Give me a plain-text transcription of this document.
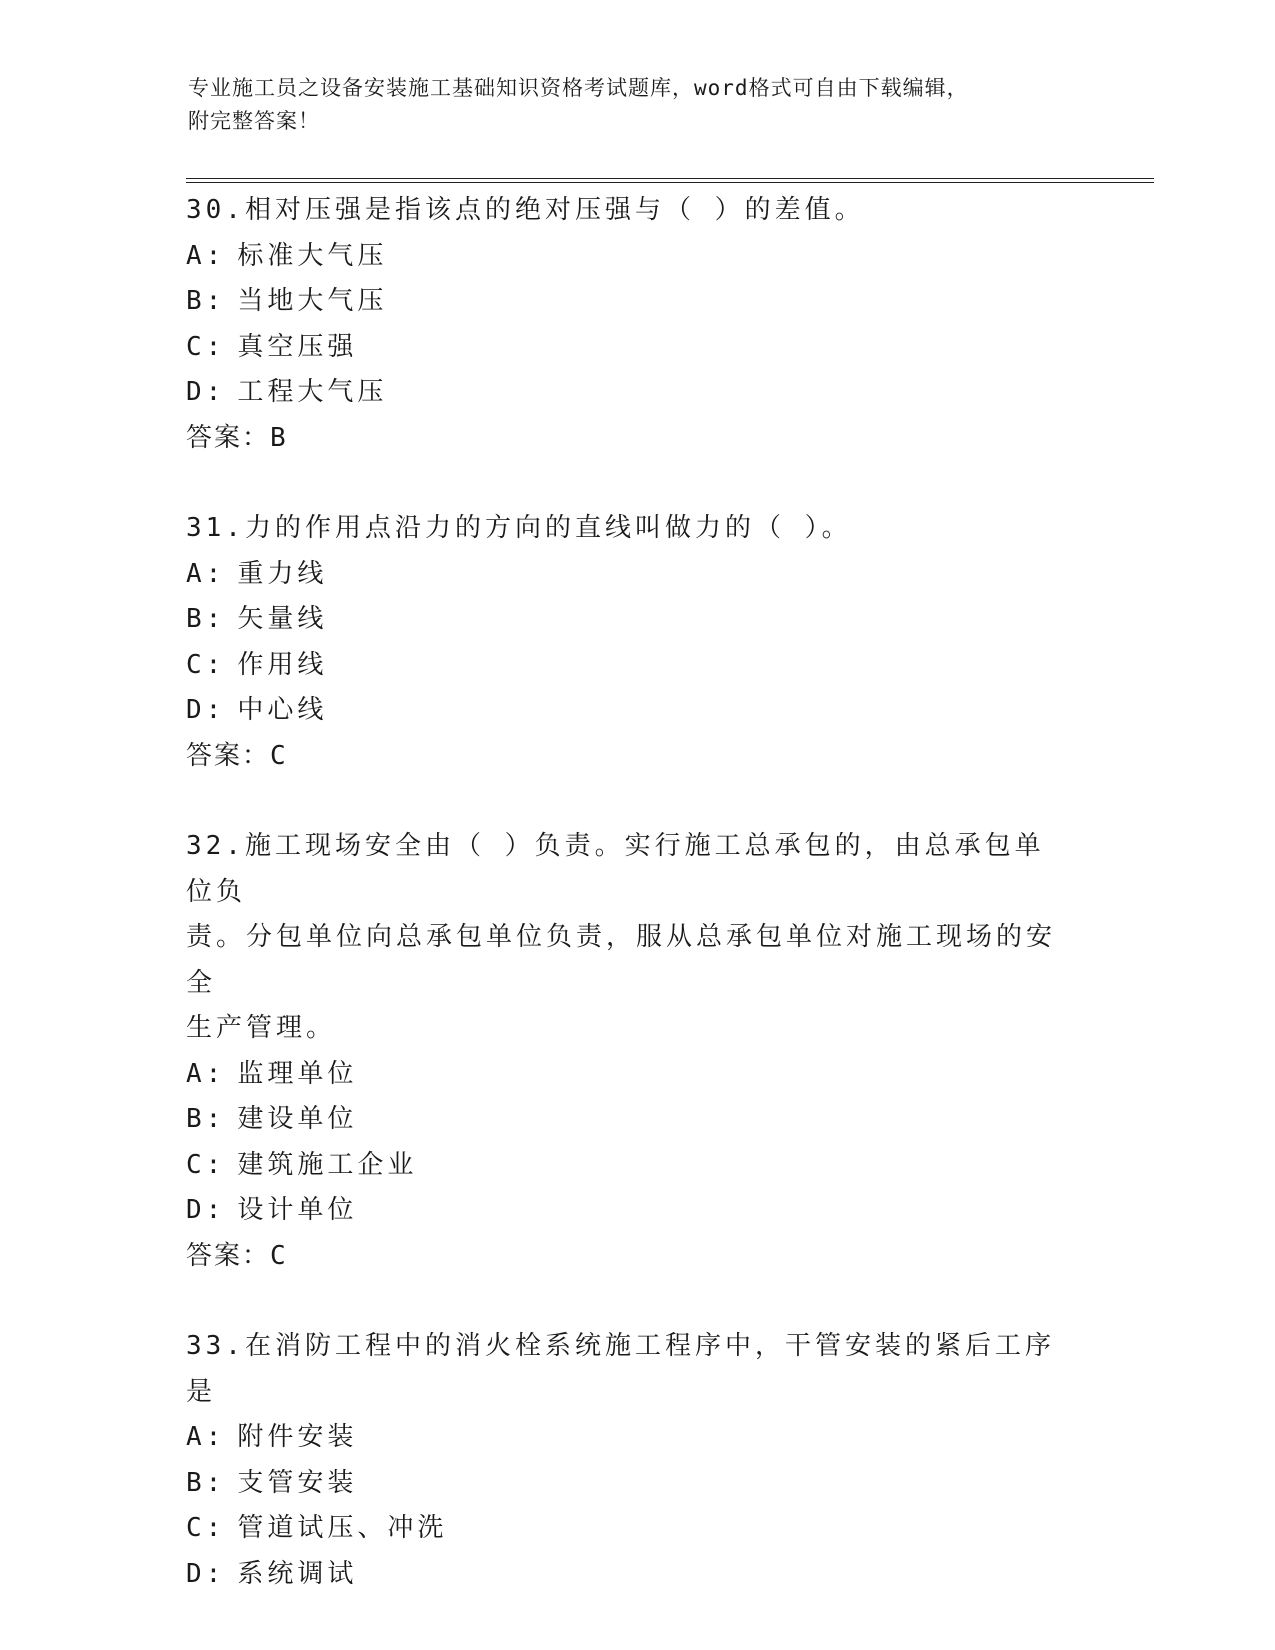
专业施工员之设备安装施工基础知识资格考试题库，word格式可自由下载编辑，
附完整答案！
30.相对压强是指该点的绝对压强与（ ）的差值。
A: 标准大气压
B: 当地大气压
C: 真空压强
D: 工程大气压
答案：B
31.力的作用点沿力的方向的直线叫做力的（ ）。
A: 重力线
B: 矢量线
C: 作用线
D: 中心线
答案：C
32.施工现场安全由（ ）负责。实行施工总承包的，由总承包单位负
责。分包单位向总承包单位负责，服从总承包单位对施工现场的安全
生产管理。
A: 监理单位
B: 建设单位
C: 建筑施工企业
D: 设计单位
答案：C
33.在消防工程中的消火栓系统施工程序中，干管安装的紧后工序是
A: 附件安装
B: 支管安装
C: 管道试压、冲洗
D: 系统调试
